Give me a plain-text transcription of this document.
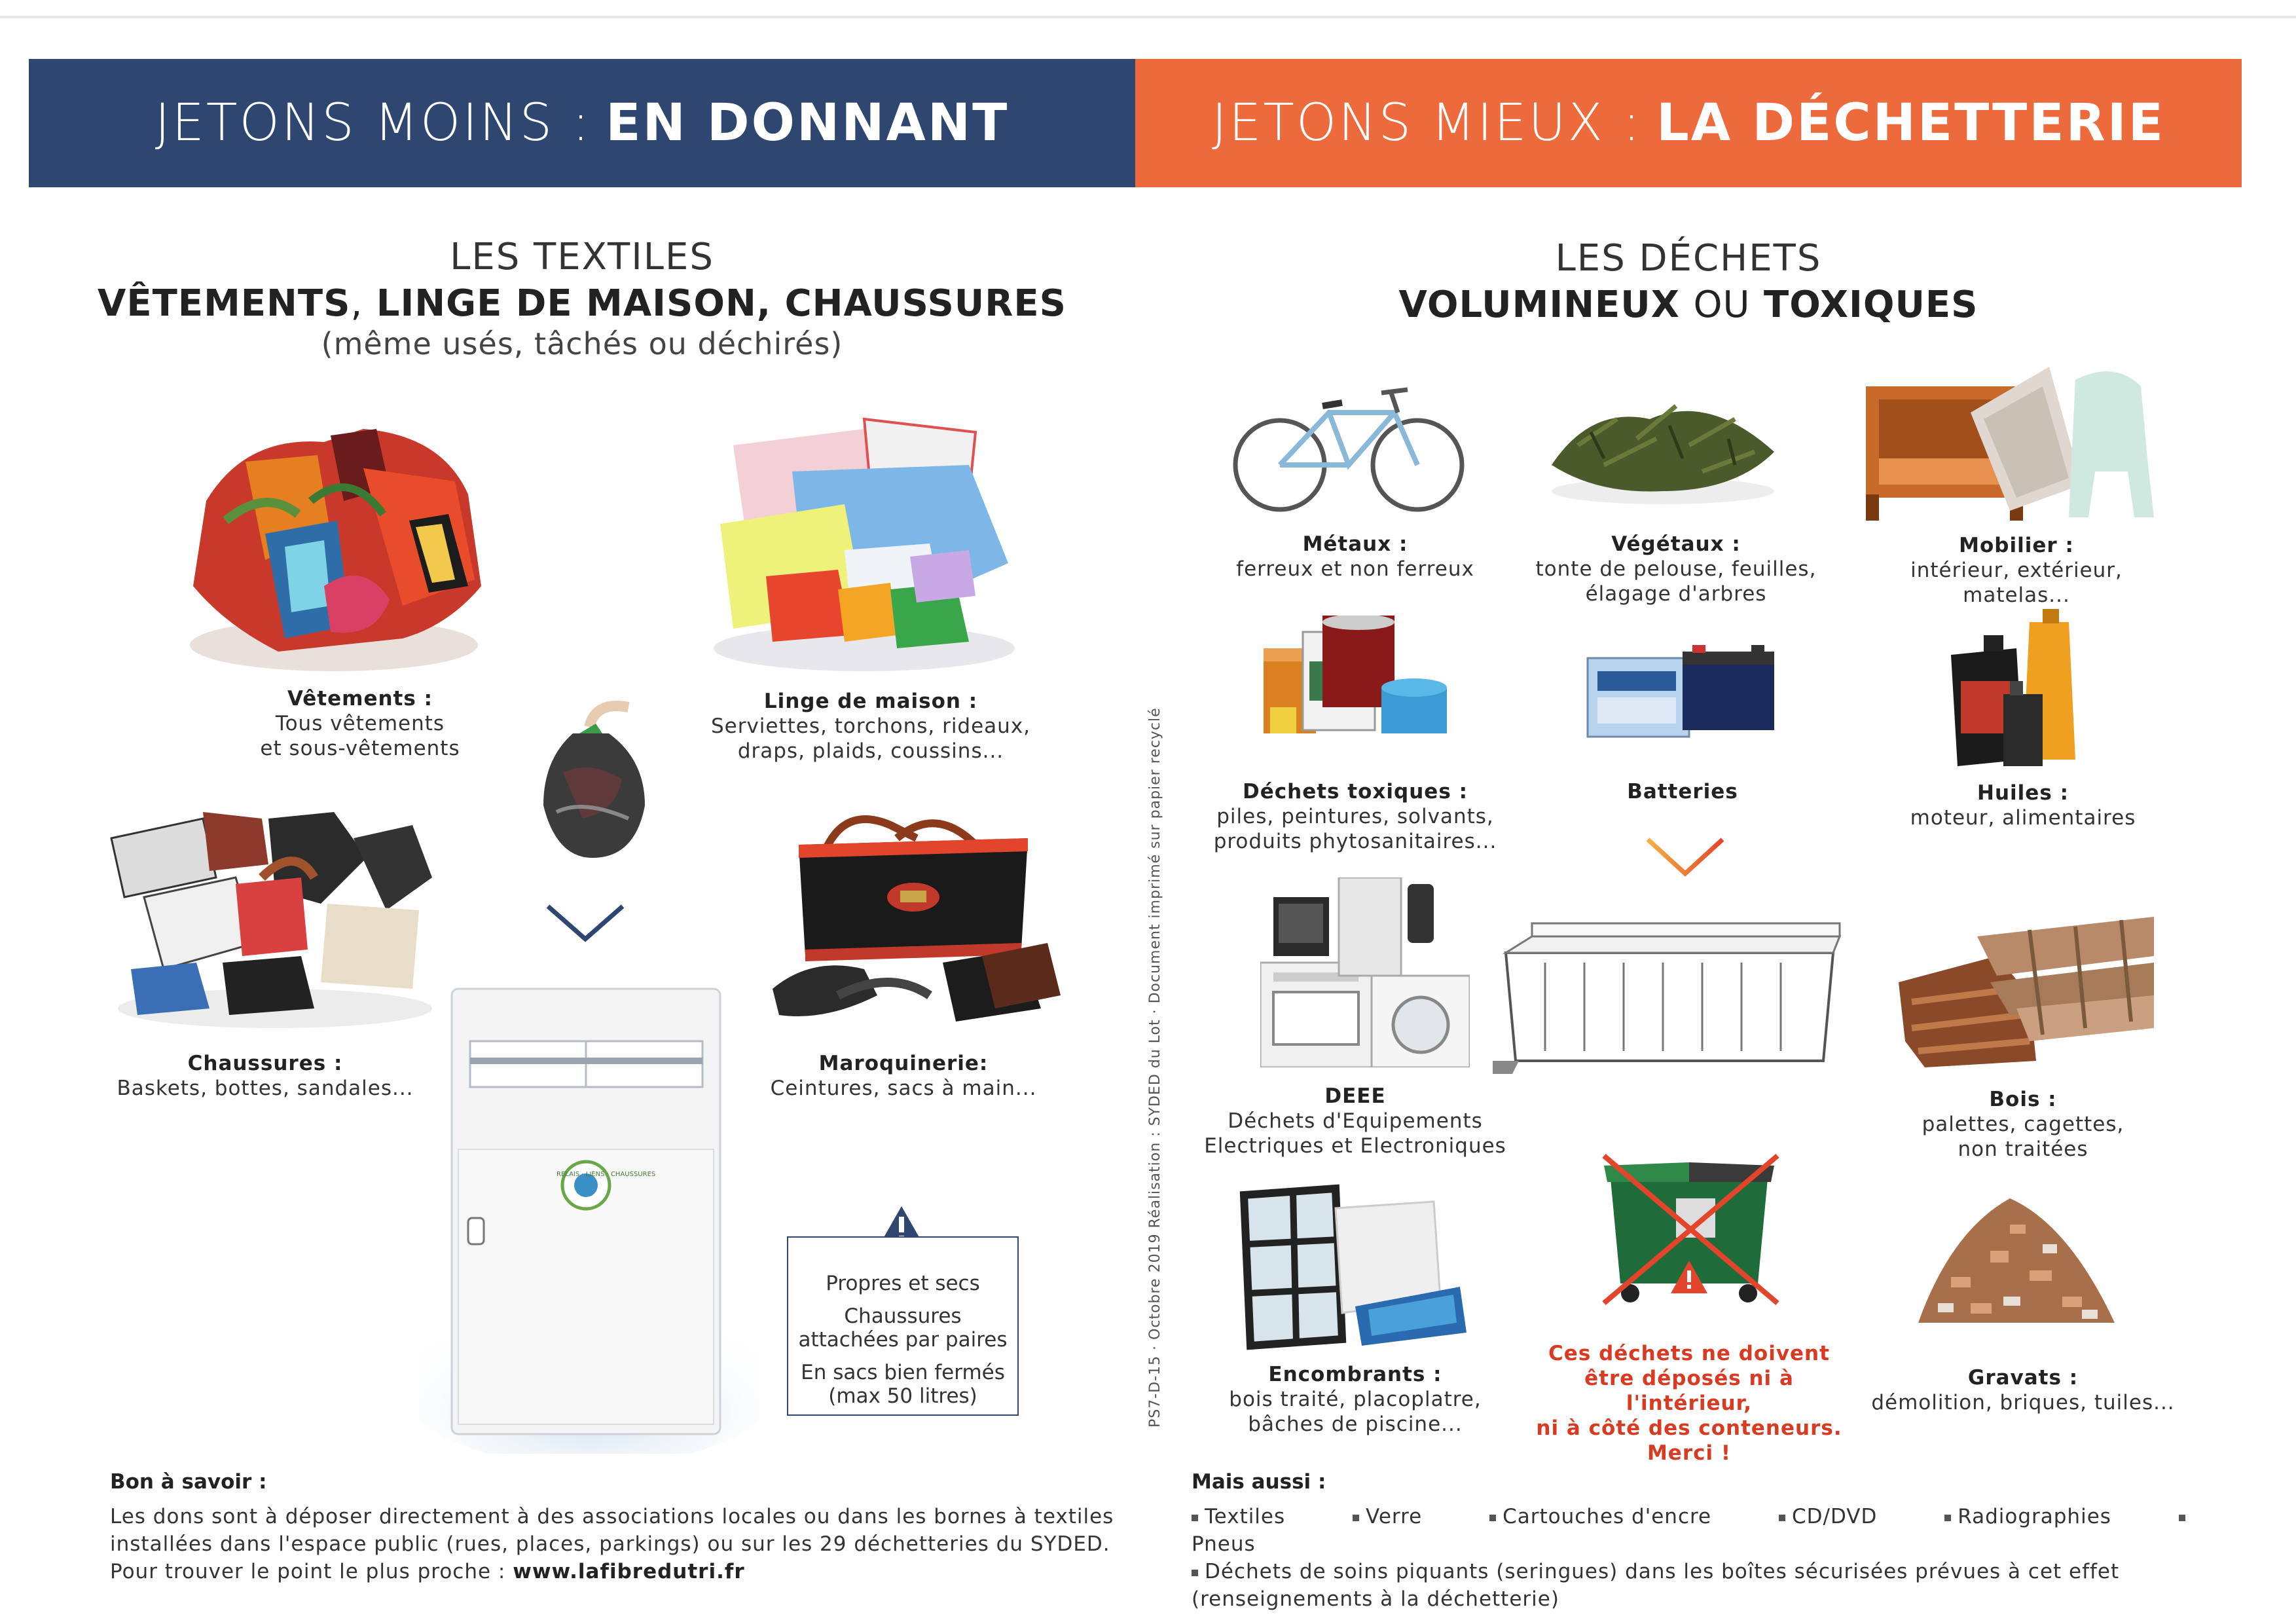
JETONS MOINS : EN DONNANT	JETONS MIEUX : LA DÉCHETTERIE
LES TEXTILES
VÊTEMENTS, LINGE DE MAISON, CHAUSSURES
(même usés, tâchés ou déchirés)
RELAIS · LIENS · CHAUSSURES
Propres et secs
Chaussures
attachées par paires
En sacs bien fermés
(max 50 litres)
Vêtements :
Tous vêtements
et sous-vêtements
Linge de maison :
Serviettes, torchons, rideaux,
draps, plaids, coussins...
Chaussures :
Baskets, bottes, sandales...
Maroquinerie:
Ceintures, sacs à main...
Bon à savoir :
Les dons sont à déposer directement à des associations locales ou dans les bornes à textiles
installées dans l'espace public (rues, places, parkings) ou sur les 29 déchetteries du SYDED.
Pour trouver le point le plus proche : www.lafibredutri.fr
PS7-D-15 · Octobre 2019 Réalisation : SYDED du Lot · Document imprimé sur papier recyclé
LES DÉCHETS
VOLUMINEUX OU TOXIQUES
Métaux :
ferreux et non ferreux
Végétaux :
tonte de pelouse, feuilles,
élagage d'arbres
Mobilier :
intérieur, extérieur,
matelas...
Déchets toxiques :
piles, peintures, solvants,
produits phytosanitaires...
Batteries	Huiles :
moteur, alimentaires
DEEE
Déchets d'Equipements
Electriques et Electroniques
Bois :
palettes, cagettes,
non traitées
Encombrants :
bois traité, placoplatre,
bâches de piscine...
Gravats :
démolition, briques, tuiles...
Ces déchets ne doivent
être déposés ni à l'intérieur,
ni à côté des conteneurs.
Merci !
Mais aussi :
Textiles	Verre	Cartouches d'encre	CD/DVD	Radiographies Pneus
Déchets de soins piquants (seringues) dans les boîtes sécurisées prévues à cet effet
(renseignements à la déchetterie)
